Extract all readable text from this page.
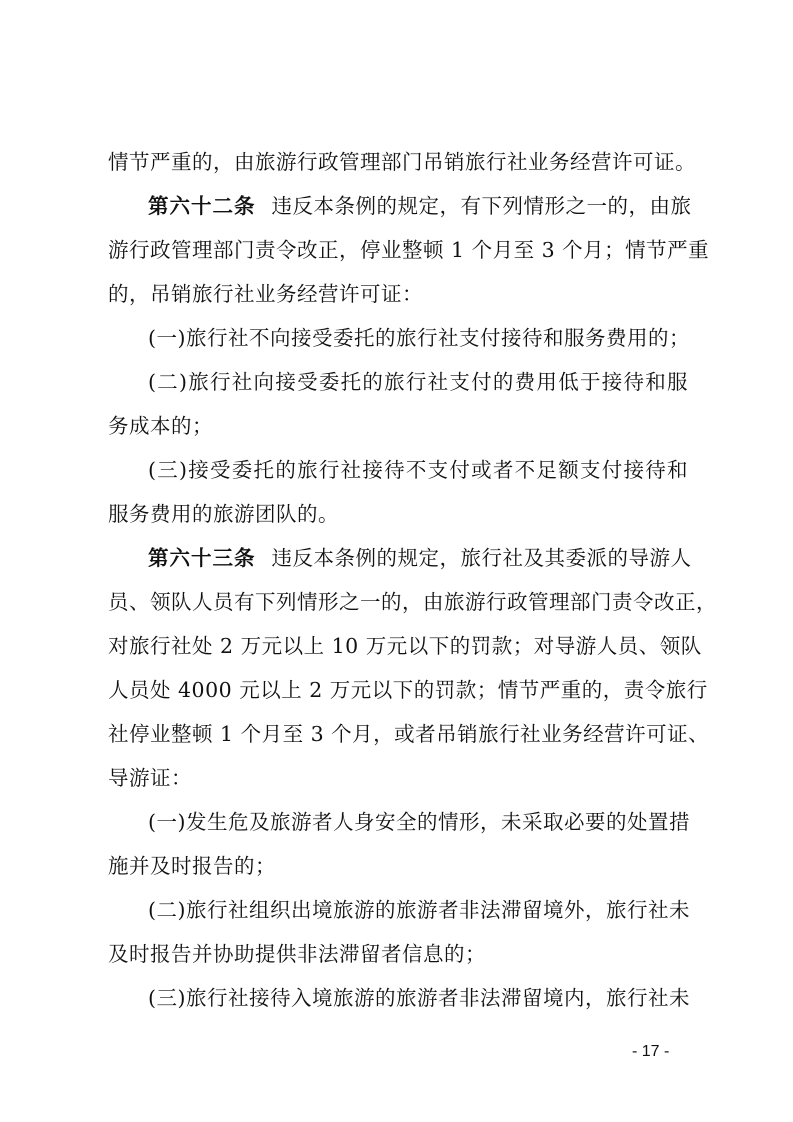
情节严重的，由旅游行政管理部门吊销旅行社业务经营许可证。
第六十二条 违反本条例的规定，有下列情形之一的，由旅
游行政管理部门责令改正，停业整顿 1 个月至 3 个月；情节严重
的，吊销旅行社业务经营许可证：
(一)旅行社不向接受委托的旅行社支付接待和服务费用的；
(二)旅行社向接受委托的旅行社支付的费用低于接待和服
务成本的；
(三)接受委托的旅行社接待不支付或者不足额支付接待和
服务费用的旅游团队的。
第六十三条 违反本条例的规定，旅行社及其委派的导游人
员、领队人员有下列情形之一的，由旅游行政管理部门责令改正，
对旅行社处 2 万元以上 10 万元以下的罚款；对导游人员、领队
人员处 4000 元以上 2 万元以下的罚款；情节严重的，责令旅行
社停业整顿 1 个月至 3 个月，或者吊销旅行社业务经营许可证、
导游证：
(一)发生危及旅游者人身安全的情形，未采取必要的处置措
施并及时报告的；
(二)旅行社组织出境旅游的旅游者非法滞留境外，旅行社未
及时报告并协助提供非法滞留者信息的；
(三)旅行社接待入境旅游的旅游者非法滞留境内，旅行社未
- 17 -
